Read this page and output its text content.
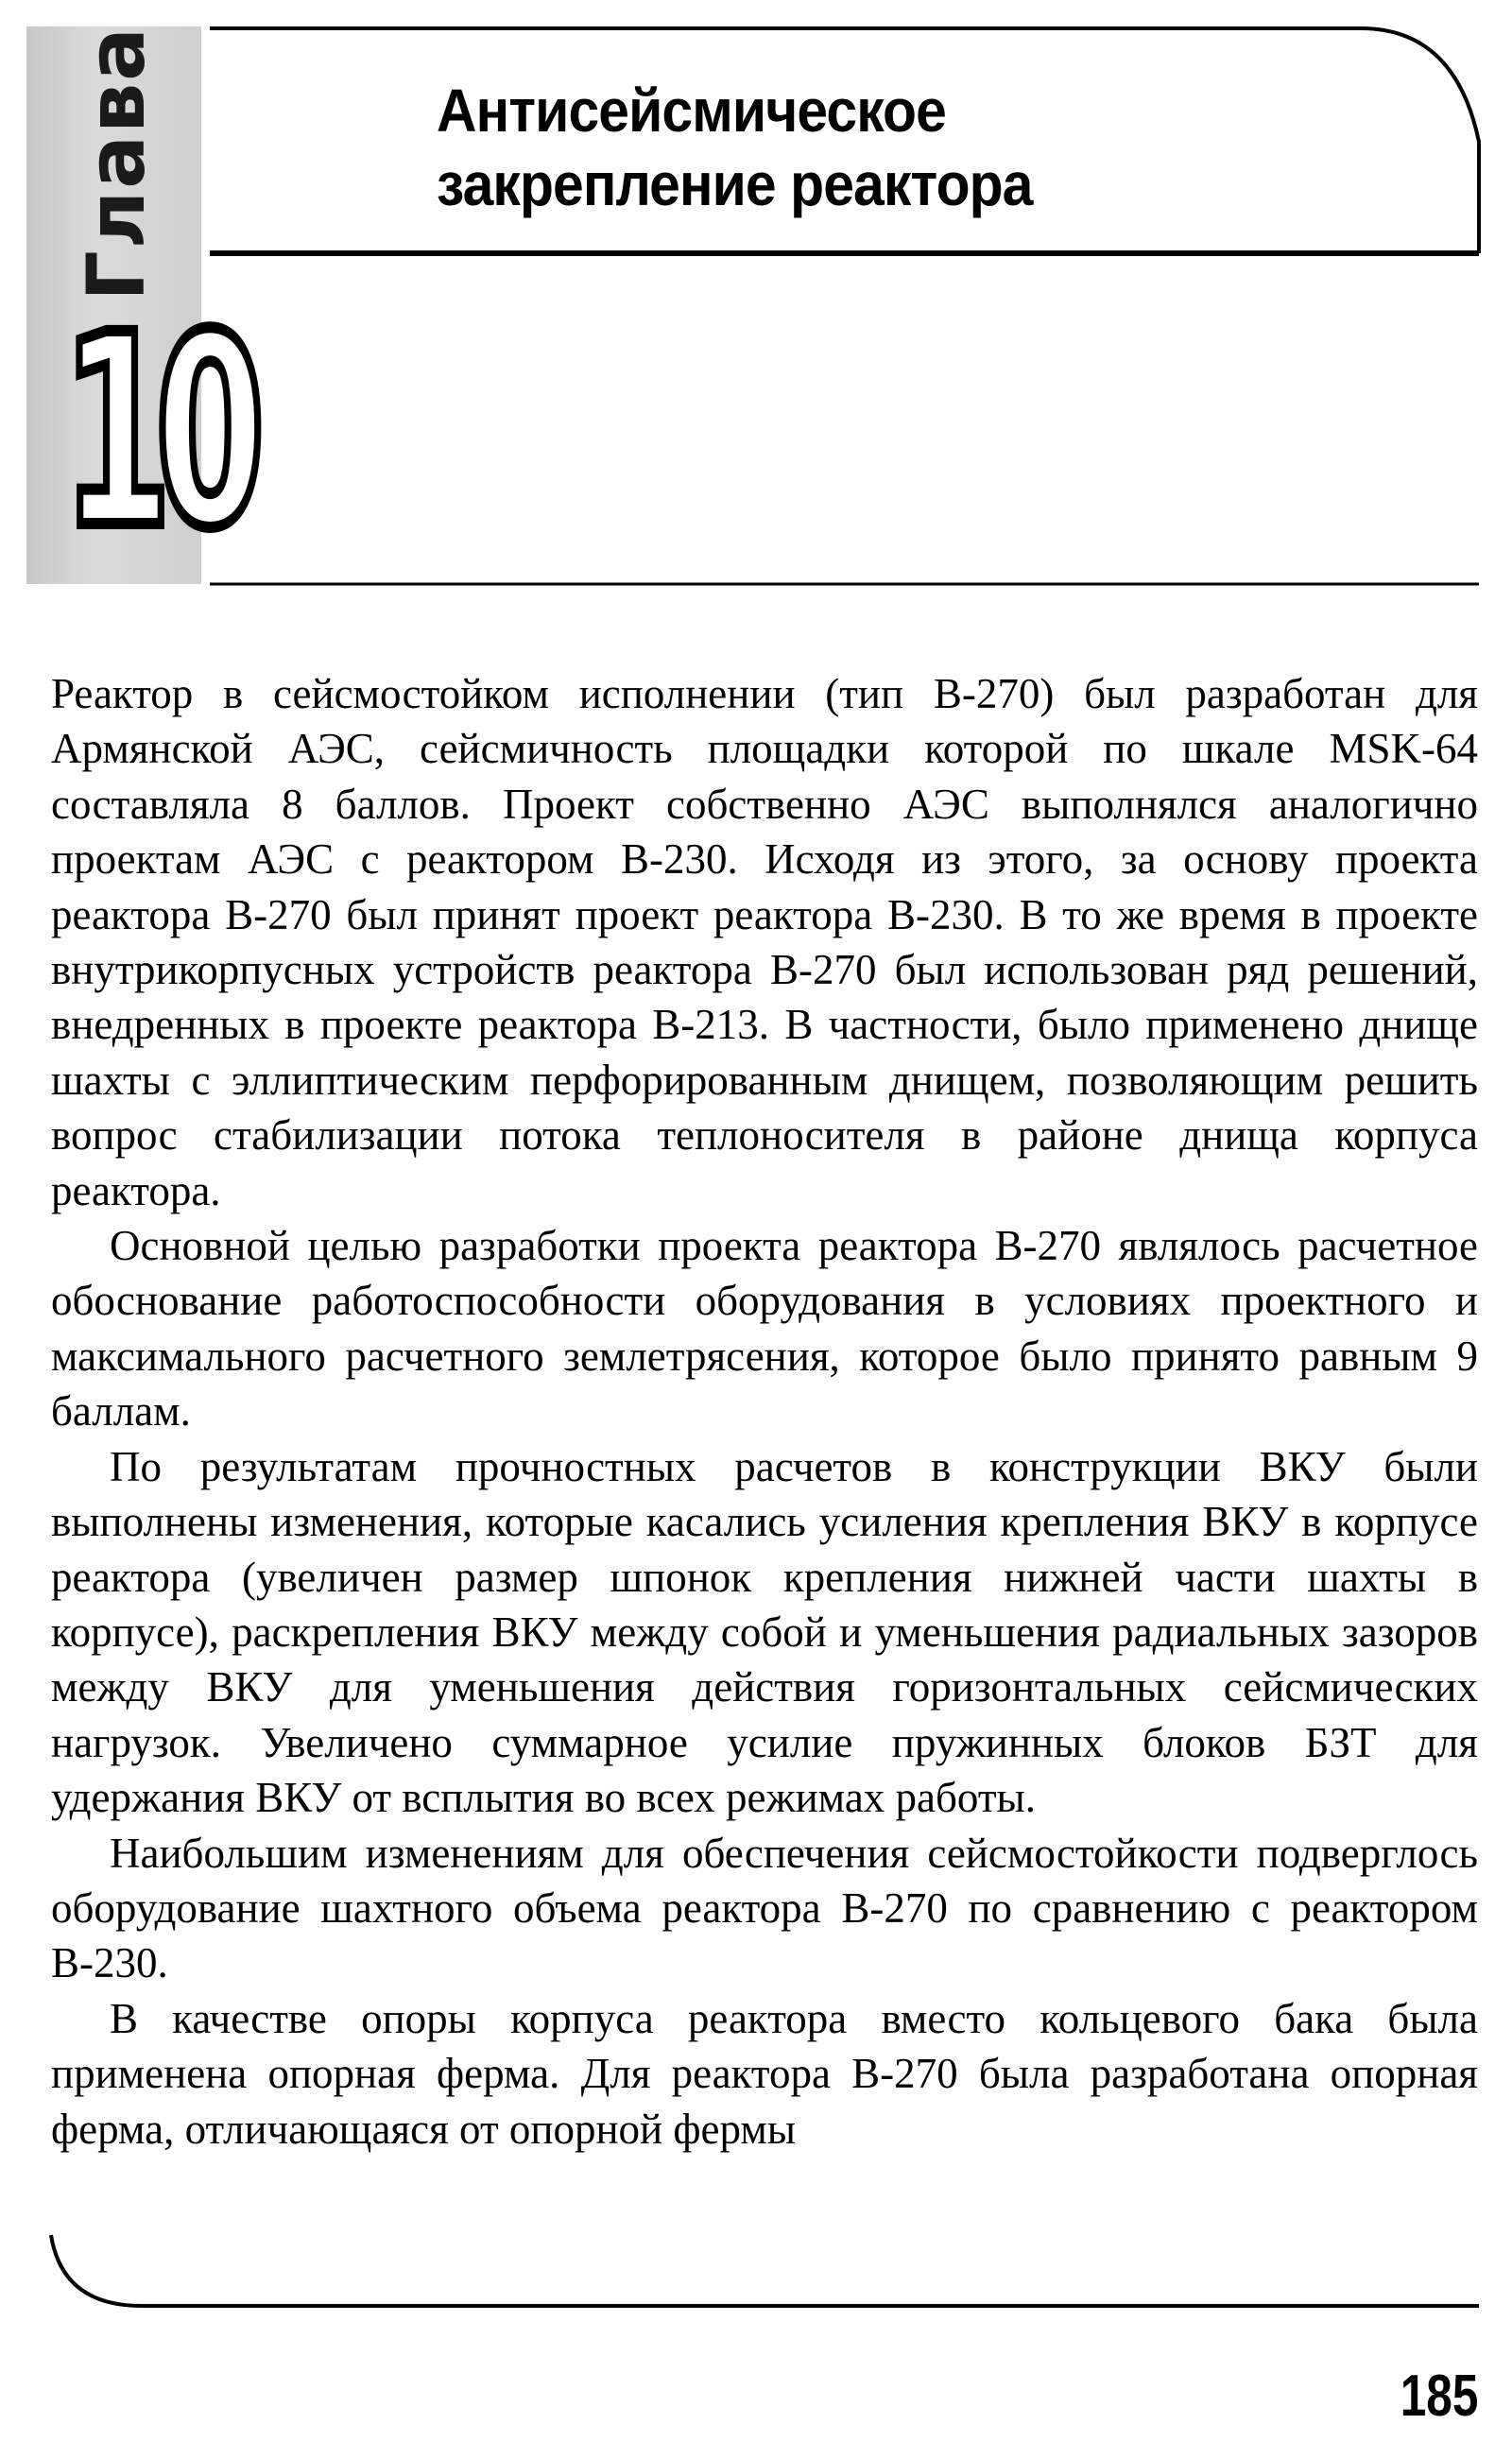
Глава
10
Антисейсмическое
закрепление реактора

Реактор в сейсмостойком исполнении (тип В-270) был разработан для Армянской АЭС, сейсмичность площадки которой по шкале MSK-64 составляла 8 баллов. Проект собственно АЭС выполнялся аналогично проектам АЭС с реактором В-230. Исходя из этого, за основу проекта реактора В-270 был принят проект реактора В-230. В то же время в проекте внутрикорпусных устройств реактора В-270 был использован ряд решений, внедренных в проекте реактора В-213. В частности, было применено днище шахты с эллиптическим перфорированным днищем, позволяющим решить вопрос стабилизации потока теплоносителя в районе днища корпуса реактора.

Основной целью разработки проекта реактора В-270 являлось расчетное обоснование работоспособности оборудования в условиях проектного и максимального расчетного землетрясения, которое было принято равным 9 баллам.

По результатам прочностных расчетов в конструкции ВКУ были выполнены изменения, которые касались усиления крепления ВКУ в корпусе реактора (увеличен размер шпонок крепления нижней части шахты в корпусе), раскрепления ВКУ между собой и уменьшения радиальных зазоров между ВКУ для уменьшения действия горизонтальных сейсмических нагрузок. Увеличено суммарное усилие пружинных блоков БЗТ для удержания ВКУ от всплытия во всех режимах работы.

Наибольшим изменениям для обеспечения сейсмостойкости подверглось оборудование шахтного объема реактора В-270 по сравнению с реактором В-230.

В качестве опоры корпуса реактора вместо кольцевого бака была применена опорная ферма. Для реактора В-270 была разработана опорная ферма, отличающаяся от опорной фермы

185
